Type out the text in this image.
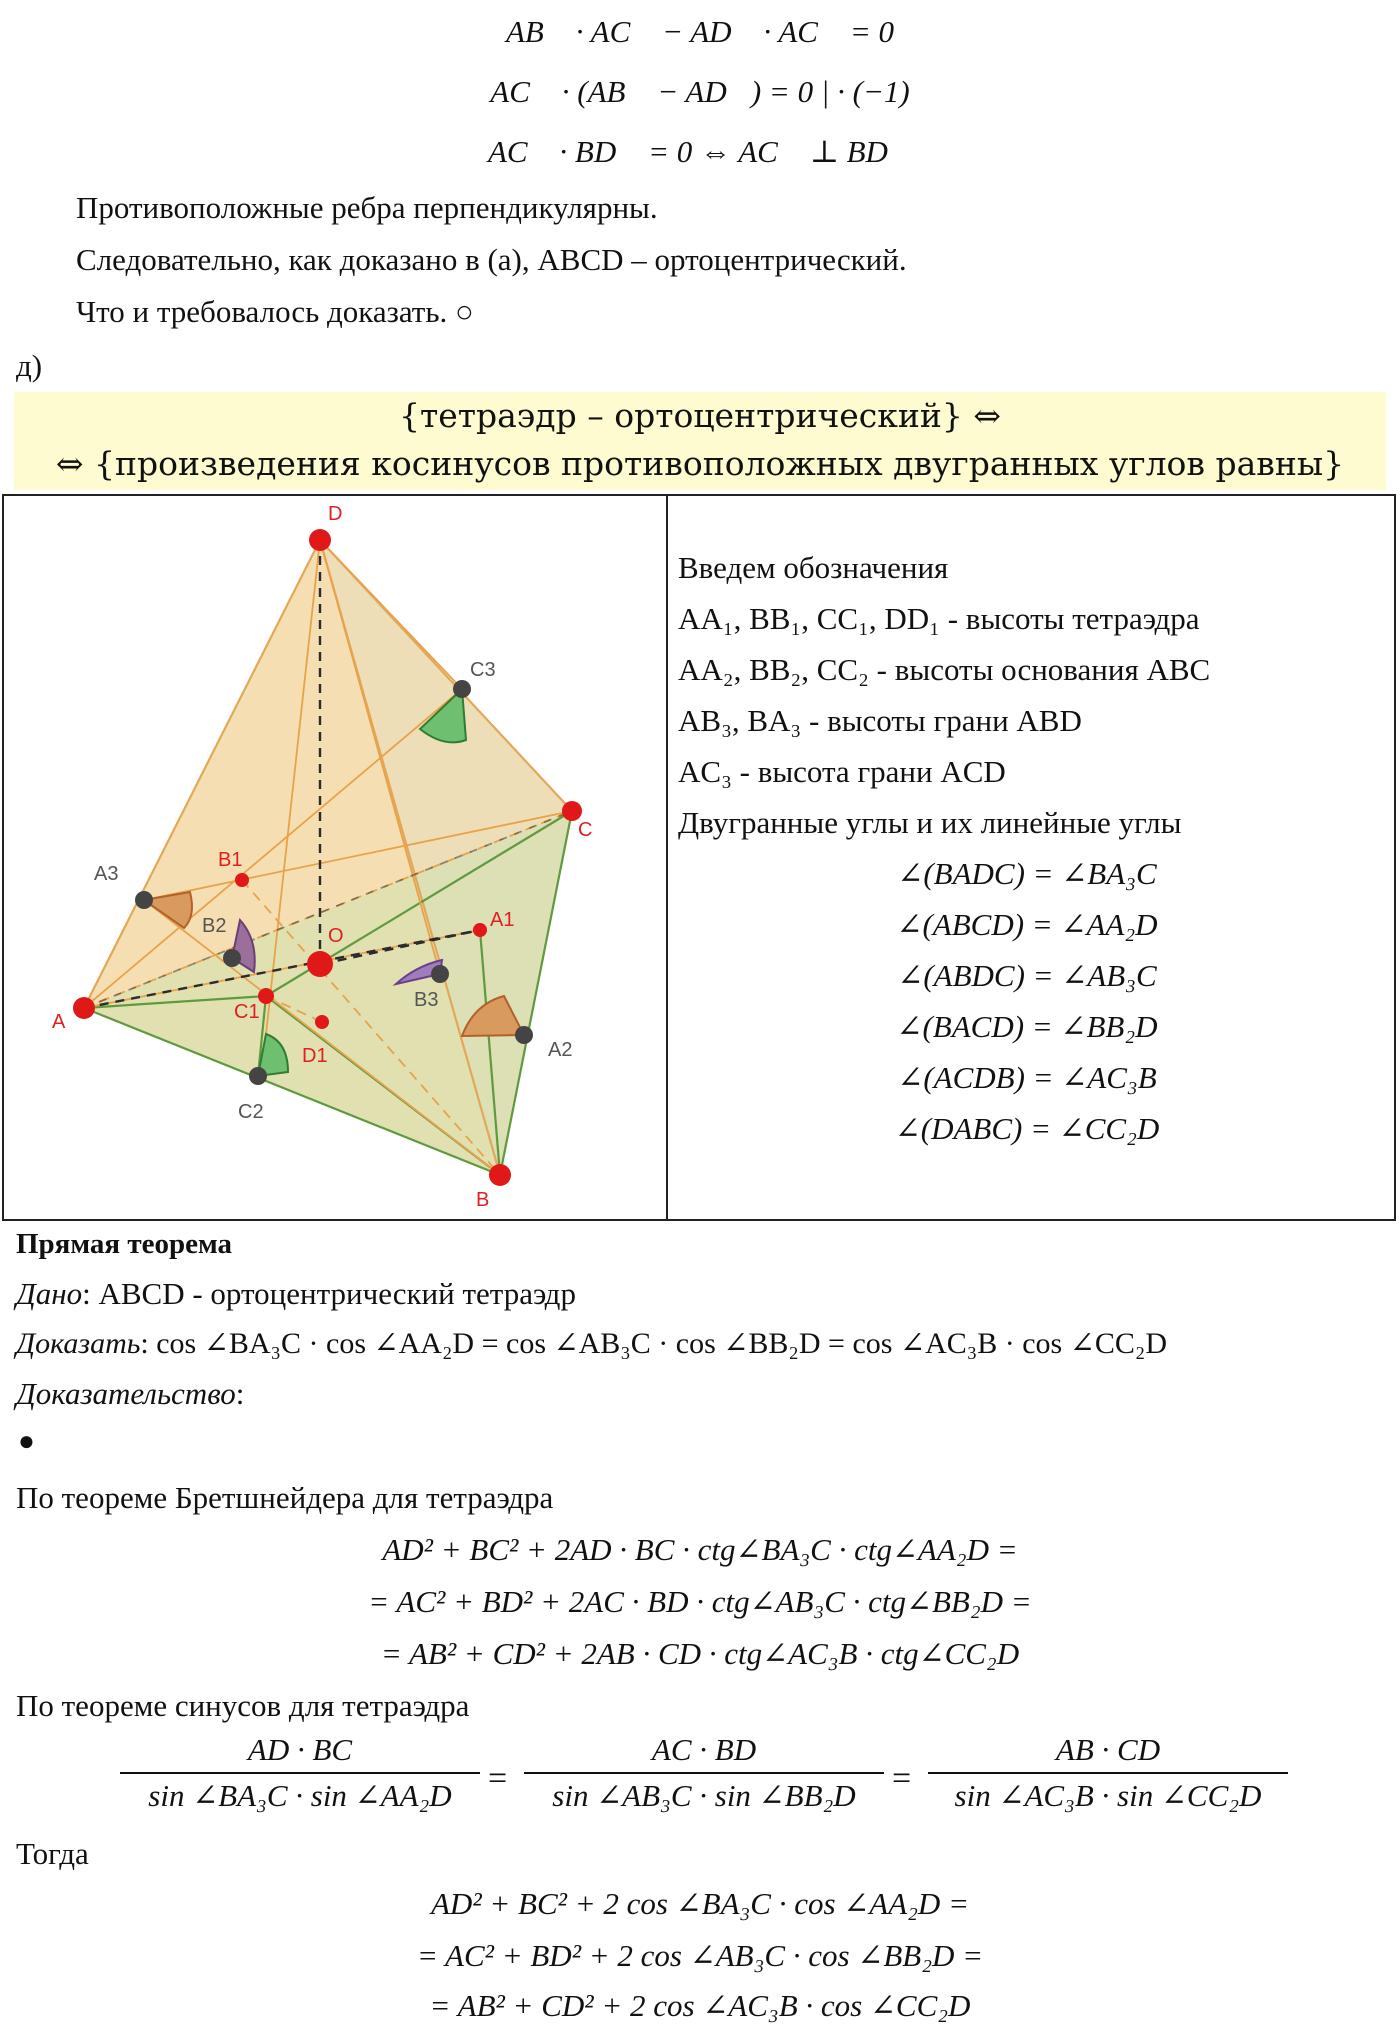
AB⃗ · AC⃗ − AD⃗ · AC⃗ = 0
AC⃗ · (AB⃗ − AD⃗) = 0 | · (−1)
AC⃗ · BD⃗ = 0 ⇔ AC⃗ ⊥ BD⃗
Противоположные ребра перпендикулярны.
Следовательно, как доказано в (а), ABCD – ортоцентрический.
Что и требовалось доказать. ○
д)
{тетраэдр – ортоцентрический} ⇔
⇔ {произведения косинусов противоположных двугранных углов равны}
D
C3
C
B1
A3
B2	O
A1
A	C1
B3
D1	A2
C2
B
Введем обозначения
AA₁, BB₁, CC₁, DD₁ - высоты тетраэдра
AA₂, BB₂, CC₂ - высоты основания ABC
AB₃, BA₃ - высоты грани ABD
AC₃ - высота грани ACD
Двугранные углы и их линейные углы
∠(BADC) = ∠BA₃C
∠(ABCD) = ∠AA₂D
∠(ABDC) = ∠AB₃C
∠(BACD) = ∠BB₂D
∠(ACDB) = ∠AC₃B
∠(DABC) = ∠CC₂D
Прямая теорема
Дано: ABCD - ортоцентрический тетраэдр
Доказать: cos ∠BA₃C · cos ∠AA₂D = cos ∠AB₃C · cos ∠BB₂D = cos ∠AC₃B · cos ∠CC₂D
Доказательство:
●
По теореме Бретшнейдера для тетраэдра
AD² + BC² + 2AD · BC · ctg∠BA₃C · ctg∠AA₂D =
= AC² + BD² + 2AC · BD · ctg∠AB₃C · ctg∠BB₂D =
= AB² + CD² + 2AB · CD · ctg∠AC₃B · ctg∠CC₂D
По теореме синусов для тетраэдра
AD · BC
sin ∠BA₃C · sin ∠AA₂D	=
AC · BD
sin ∠AB₃C · sin ∠BB₂D	=
AB · CD
sin ∠AC₃B · sin ∠CC₂D
Тогда
AD² + BC² + 2 cos ∠BA₃C · cos ∠AA₂D =
= AC² + BD² + 2 cos ∠AB₃C · cos ∠BB₂D =
= AB² + CD² + 2 cos ∠AC₃B · cos ∠CC₂D
